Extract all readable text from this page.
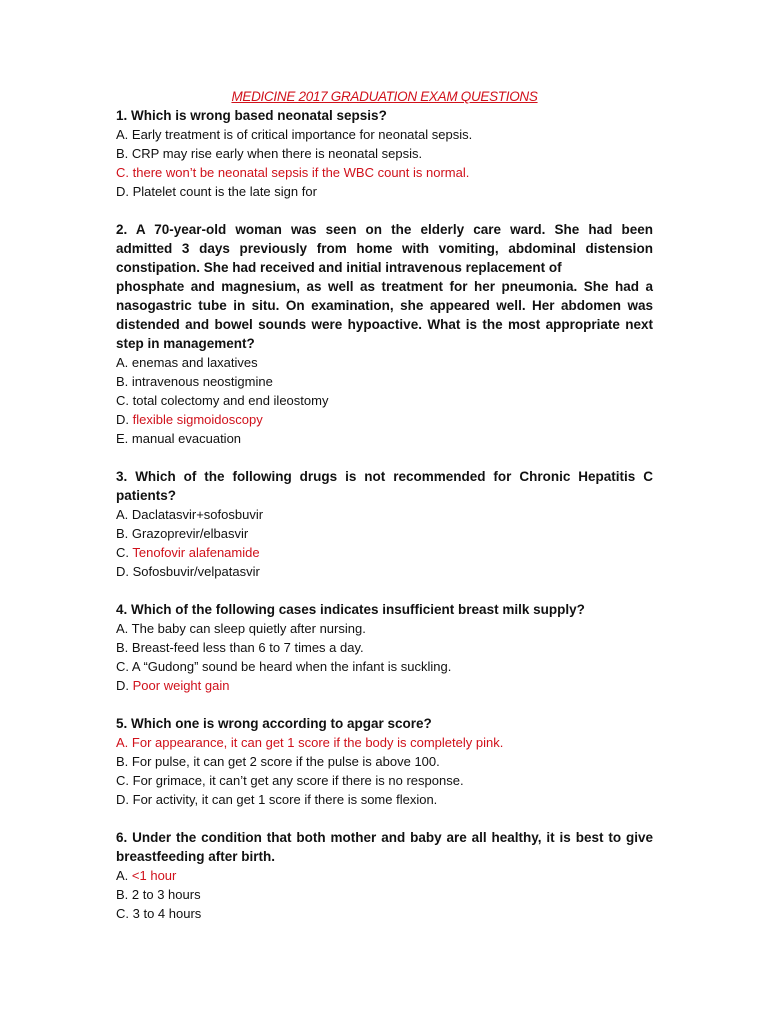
MEDICINE 2017 GRADUATION EXAM QUESTIONS

1. Which is wrong based neonatal sepsis?

A. Early treatment is of critical importance for neonatal sepsis.

B. CRP may rise early when there is neonatal sepsis.

C. there won’t be neonatal sepsis if the WBC count is normal.

D. Platelet count is the late sign for

2. A 70-year-old woman was seen on the elderly care ward. She had been
admitted 3 days previously from home with vomiting, abdominal distension
constipation. She had received and initial intravenous replacement of
phosphate and magnesium, as well as treatment for her pneumonia. She had a
nasogastric tube in situ. On examination, she appeared well. Her abdomen was
distended and bowel sounds were hypoactive. What is the most appropriate next
step in management?

A. enemas and laxatives

B. intravenous neostigmine

C. total colectomy and end ileostomy

D. flexible sigmoidoscopy

E. manual evacuation

3. Which of the following drugs is not recommended for Chronic Hepatitis C
patients?

A. Daclatasvir+sofosbuvir

B. Grazoprevir/elbasvir

C. Tenofovir alafenamide

D. Sofosbuvir/velpatasvir

4. Which of the following cases indicates insufficient breast milk supply?

A. The baby can sleep quietly after nursing.

B. Breast-feed less than 6 to 7 times a day.

C. A “Gudong” sound be heard when the infant is suckling.

D. Poor weight gain

5. Which one is wrong according to apgar score?

A. For appearance, it can get 1 score if the body is completely pink.

B. For pulse, it can get 2 score if the pulse is above 100.

C. For grimace, it can’t get any score if there is no response.

D. For activity, it can get 1 score if there is some flexion.

6. Under the condition that both mother and baby are all healthy, it is best to give
breastfeeding after birth.

A. <1 hour

B. 2 to 3 hours

C. 3 to 4 hours
